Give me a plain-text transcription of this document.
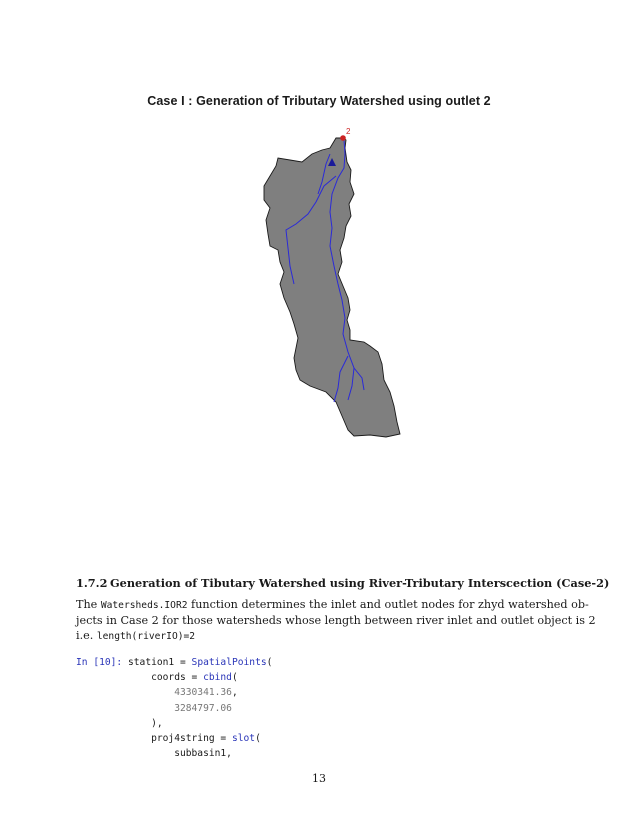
Case I : Generation of Tributary Watershed using outlet 2
2
1.7.2 Generation of Tibutary Watershed using River-Tributary Interscection (Case-2)
The Watersheds.IOR2 function determines the inlet and outlet nodes for zhyd watershed ob-
jects in Case 2 for those watersheds whose length between river inlet and outlet object is 2
i.e. length(riverIO)=2
In [10]: station1 = SpatialPoints(
coords = cbind(
4330341.36,
3284797.06
),
proj4string = slot(
subbasin1,
13
